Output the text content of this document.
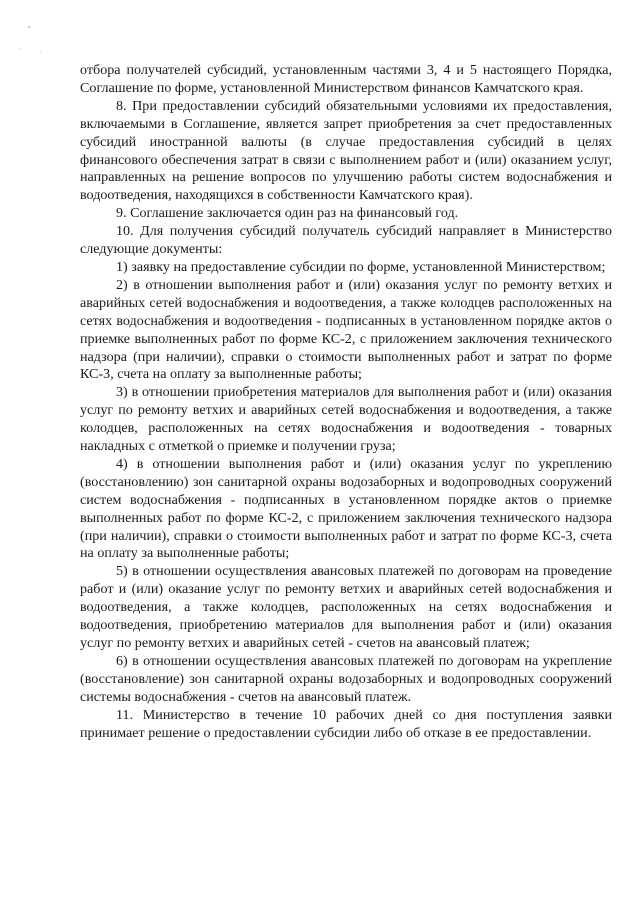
отбора получателей субсидий, установленным частями 3, 4 и 5 настоящего Порядка, Соглашение по форме, установленной Министерством финансов Камчатского края.

8. При предоставлении субсидий обязательными условиями их предоставления, включаемыми в Соглашение, является запрет приобретения за счет предоставленных субсидий иностранной валюты (в случае предоставления субсидий в целях финансового обеспечения затрат в связи с выполнением работ и (или) оказанием услуг, направленных на решение вопросов по улучшению работы систем водоснабжения и водоотведения, находящихся в собственности Камчатского края).

9. Соглашение заключается один раз на финансовый год.

10. Для получения субсидий получатель субсидий направляет в Министерство следующие документы:

1) заявку на предоставление субсидии по форме, установленной Министерством;

2) в отношении выполнения работ и (или) оказания услуг по ремонту ветхих и аварийных сетей водоснабжения и водоотведения, а также колодцев расположенных на сетях водоснабжения и водоотведения - подписанных в установленном порядке актов о приемке выполненных работ по форме КС-2, с приложением заключения технического надзора (при наличии), справки о стоимости выполненных работ и затрат по форме КС-3, счета на оплату за выполненные работы;

3) в отношении приобретения материалов для выполнения работ и (или) оказания услуг по ремонту ветхих и аварийных сетей водоснабжения и водоотведения, а также колодцев, расположенных на сетях водоснабжения и водоотведения - товарных накладных с отметкой о приемке и получении груза;

4) в отношении выполнения работ и (или) оказания услуг по укреплению (восстановлению) зон санитарной охраны водозаборных и водопроводных сооружений систем водоснабжения - подписанных в установленном порядке актов о приемке выполненных работ по форме КС-2, с приложением заключения технического надзора (при наличии), справки о стоимости выполненных работ и затрат по форме КС-3, счета на оплату за выполненные работы;

5) в отношении осуществления авансовых платежей по договорам на проведение работ и (или) оказание услуг по ремонту ветхих и аварийных сетей водоснабжения и водоотведения, а также колодцев, расположенных на сетях водоснабжения и водоотведения, приобретению материалов для выполнения работ и (или) оказания услуг по ремонту ветхих и аварийных сетей - счетов на авансовый платеж;

6) в отношении осуществления авансовых платежей по договорам на укрепление (восстановление) зон санитарной охраны водозаборных и водопроводных сооружений системы водоснабжения - счетов на авансовый платеж.

11. Министерство в течение 10 рабочих дней со дня поступления заявки принимает решение о предоставлении субсидии либо об отказе в ее предоставлении.
